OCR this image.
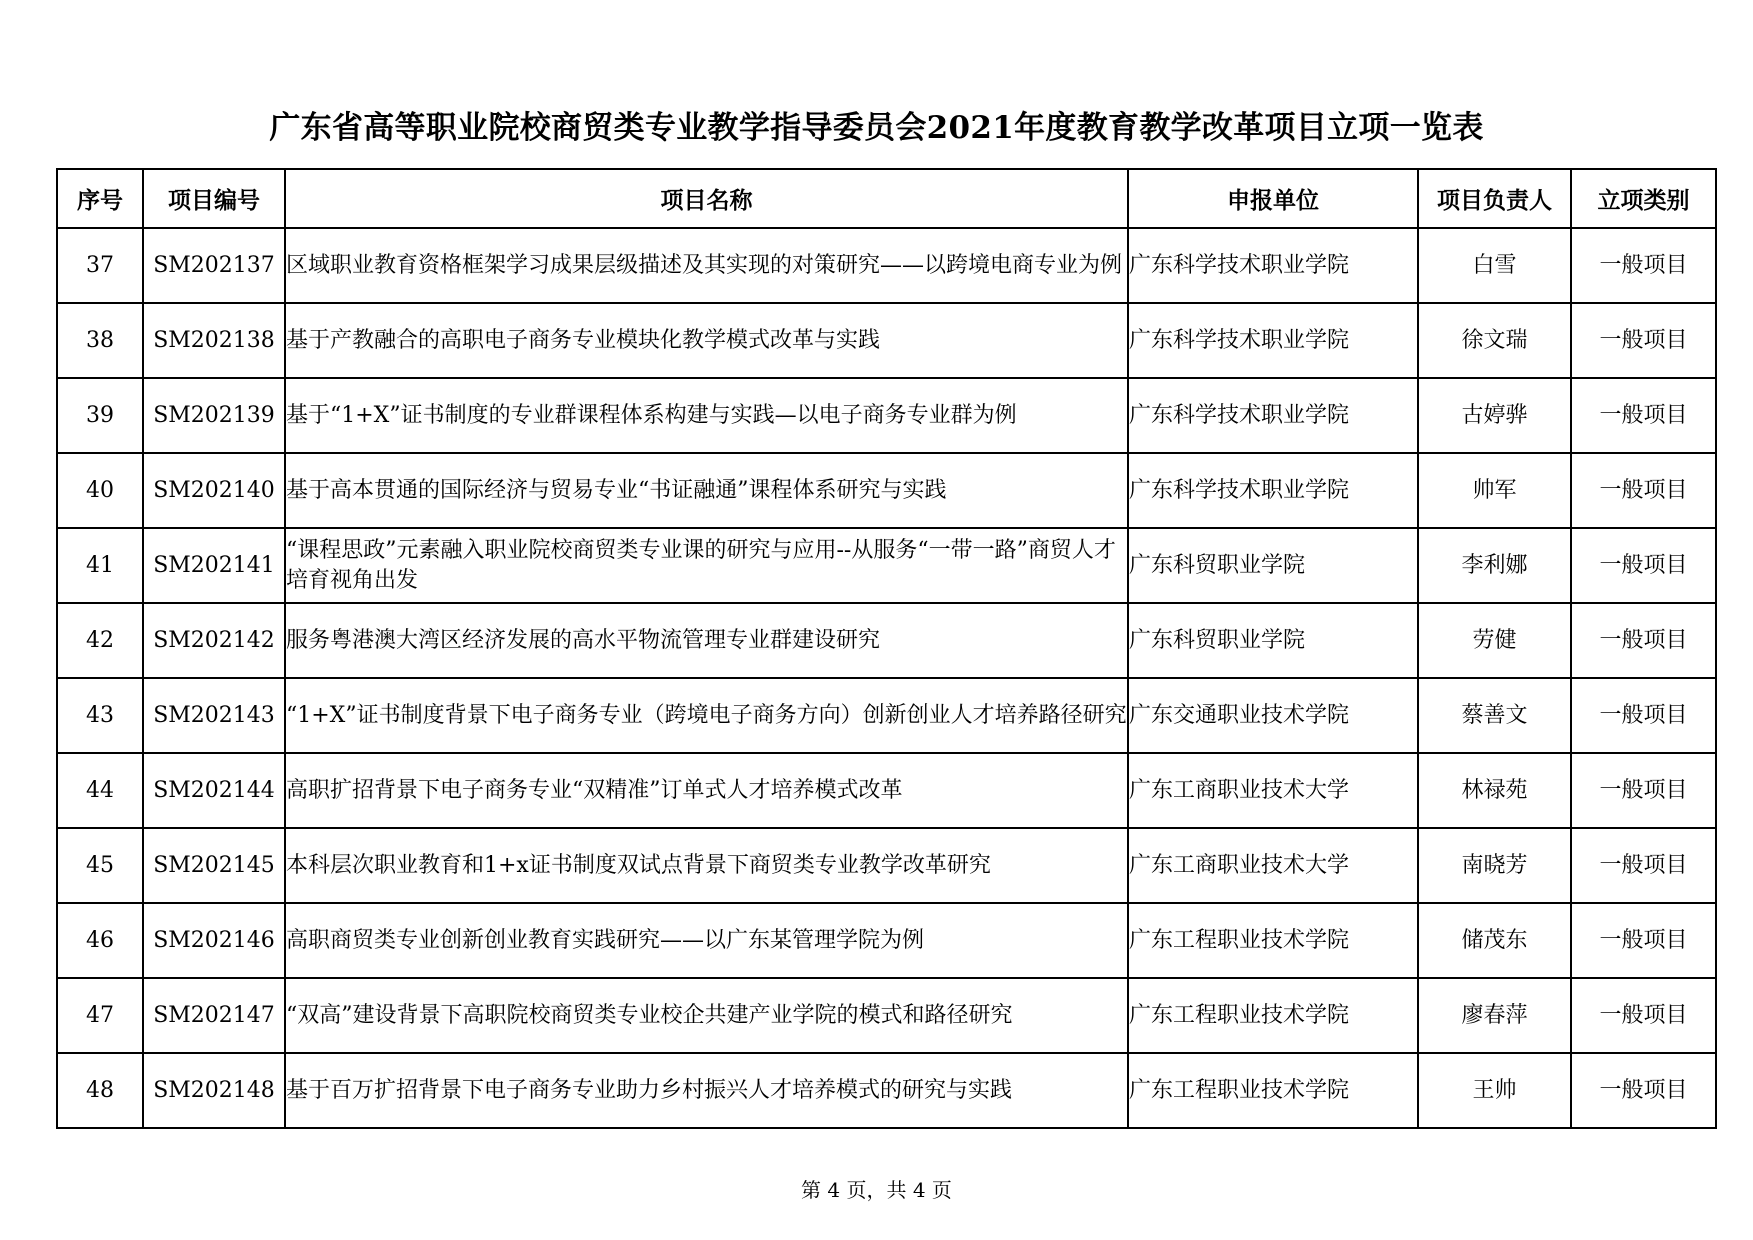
广东省高等职业院校商贸类专业教学指导委员会2021年度教育教学改革项目立项一览表
序号	项目编号	项目名称	申报单位	项目负责人	立项类别
37	SM202137	区域职业教育资格框架学习成果层级描述及其实现的对策研究——以跨境电商专业为例	广东科学技术职业学院	白雪	一般项目
38	SM202138	基于产教融合的高职电子商务专业模块化教学模式改革与实践	广东科学技术职业学院	徐文瑞	一般项目
39	SM202139	基于“1+X”证书制度的专业群课程体系构建与实践—以电子商务专业群为例	广东科学技术职业学院	古婷骅	一般项目
40	SM202140	基于高本贯通的国际经济与贸易专业“书证融通”课程体系研究与实践	广东科学技术职业学院	帅军	一般项目
41	SM202141	“课程思政”元素融入职业院校商贸类专业课的研究与应用--从服务“一带一路”商贸人才培育视角出发	广东科贸职业学院	李利娜	一般项目
42	SM202142	服务粤港澳大湾区经济发展的高水平物流管理专业群建设研究	广东科贸职业学院	劳健	一般项目
43	SM202143	“1+X”证书制度背景下电子商务专业（跨境电子商务方向）创新创业人才培养路径研究	广东交通职业技术学院	蔡善文	一般项目
44	SM202144	高职扩招背景下电子商务专业“双精准”订单式人才培养模式改革	广东工商职业技术大学	林禄苑	一般项目
45	SM202145	本科层次职业教育和1+x证书制度双试点背景下商贸类专业教学改革研究	广东工商职业技术大学	南晓芳	一般项目
46	SM202146	高职商贸类专业创新创业教育实践研究——以广东某管理学院为例	广东工程职业技术学院	储茂东	一般项目
47	SM202147	“双高”建设背景下高职院校商贸类专业校企共建产业学院的模式和路径研究	广东工程职业技术学院	廖春萍	一般项目
48	SM202148	基于百万扩招背景下电子商务专业助力乡村振兴人才培养模式的研究与实践	广东工程职业技术学院	王帅	一般项目
第 4 页，共 4 页
